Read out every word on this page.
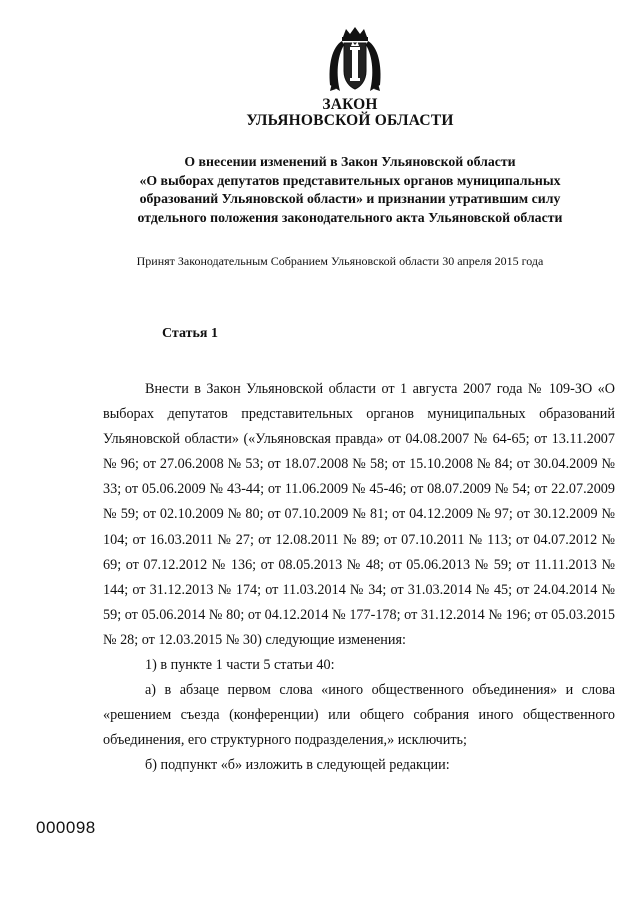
ЗАКОН
УЛЬЯНОВСКОЙ ОБЛАСТИ
О внесении изменений в Закон Ульяновской области
«О выборах депутатов представительных органов муниципальных
образований Ульяновской области» и признании утратившим силу
отдельного положения законодательного акта Ульяновской области
Принят Законодательным Собранием Ульяновской области 30 апреля 2015 года
Статья 1

Внести в Закон Ульяновской области от 1 августа 2007 года № 109-ЗО «О выборах депутатов представительных органов муниципальных образований Ульяновской области» («Ульяновская правда» от 04.08.2007 № 64-65; от 13.11.2007 № 96; от 27.06.2008 № 53; от 18.07.2008 № 58; от 15.10.2008 № 84; от 30.04.2009 № 33; от 05.06.2009 № 43-44; от 11.06.2009 № 45-46; от 08.07.2009 № 54; от 22.07.2009 № 59; от 02.10.2009 № 80; от 07.10.2009 № 81; от 04.12.2009 № 97; от 30.12.2009 № 104; от 16.03.2011 № 27; от 12.08.2011 № 89; от 07.10.2011 № 113; от 04.07.2012 № 69; от 07.12.2012 № 136; от 08.05.2013 № 48; от 05.06.2013 № 59; от 11.11.2013 № 144; от 31.12.2013 № 174; от 11.03.2014 № 34; от 31.03.2014 № 45; от 24.04.2014 № 59; от 05.06.2014 № 80; от 04.12.2014 № 177-178; от 31.12.2014 № 196; от 05.03.2015 № 28; от 12.03.2015 № 30) следующие изменения:

1) в пункте 1 части 5 статьи 40:

а) в абзаце первом слова «иного общественного объединения» и слова «решением съезда (конференции) или общего собрания иного общественного объединения, его структурного подразделения,» исключить;

б) подпункт «б» изложить в следующей редакции:

000098
